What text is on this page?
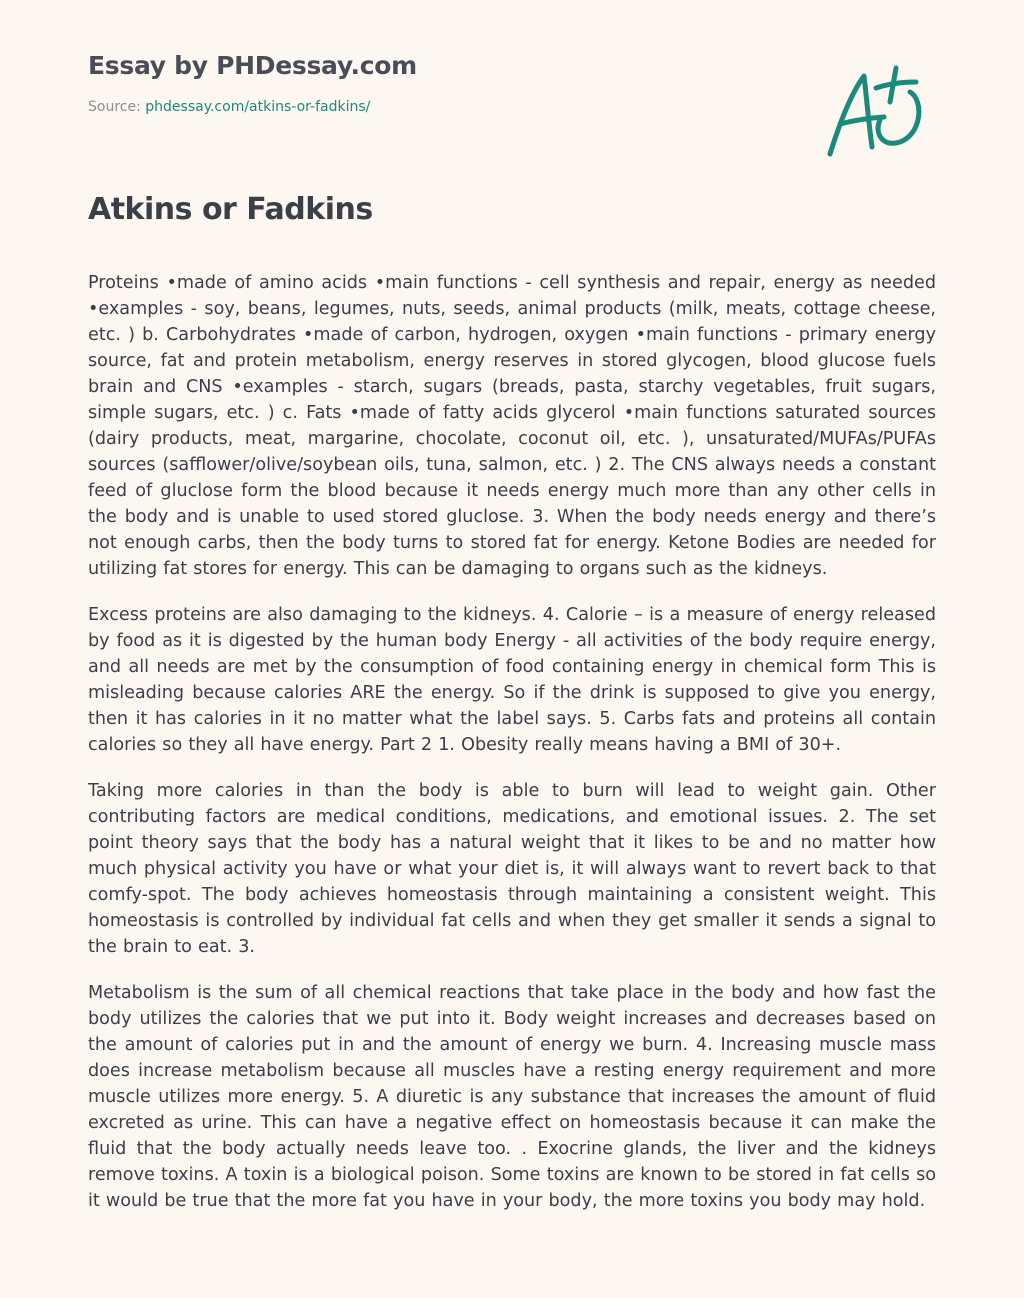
Essay by PHDessay.com
Source: phdessay.com/atkins-or-fadkins/
Atkins or Fadkins

Proteins •made of amino acids •main functions - cell synthesis and repair, energy as needed •examples - soy, beans, legumes, nuts, seeds, animal products (milk, meats, cottage cheese, etc. ) b. Carbohydrates •made of carbon, hydrogen, oxygen •main functions - primary energy source, fat and protein metabolism, energy reserves in stored glycogen, blood glucose fuels brain and CNS •examples - starch, sugars (breads, pasta, starchy vegetables, fruit sugars, simple sugars, etc. ) c. Fats •made of fatty acids glycerol •main functions saturated sources (dairy products, meat, margarine, chocolate, coconut oil, etc. ), unsaturated/MUFAs/PUFAs sources (safflower/olive/soybean oils, tuna, salmon, etc. ) 2. The CNS always needs a constant feed of gluclose form the blood because it needs energy much more than any other cells in the body and is unable to used stored gluclose. 3. When the body needs energy and there’s not enough carbs, then the body turns to stored fat for energy. Ketone Bodies are needed for utilizing fat stores for energy. This can be damaging to organs such as the kidneys.

Excess proteins are also damaging to the kidneys. 4. Calorie – is a measure of energy released by food as it is digested by the human body Energy - all activities of the body require energy, and all needs are met by the consumption of food containing energy in chemical form This is misleading because calories ARE the energy. So if the drink is supposed to give you energy, then it has calories in it no matter what the label says. 5. Carbs fats and proteins all contain calories so they all have energy. Part 2 1. Obesity really means having a BMI of 30+.

Taking more calories in than the body is able to burn will lead to weight gain. Other contributing factors are medical conditions, medications, and emotional issues. 2. The set point theory says that the body has a natural weight that it likes to be and no matter how much physical activity you have or what your diet is, it will always want to revert back to that comfy-spot. The body achieves homeostasis through maintaining a consistent weight. This homeostasis is controlled by individual fat cells and when they get smaller it sends a signal to the brain to eat. 3.

Metabolism is the sum of all chemical reactions that take place in the body and how fast the body utilizes the calories that we put into it. Body weight increases and decreases based on the amount of calories put in and the amount of energy we burn. 4. Increasing muscle mass does increase metabolism because all muscles have a resting energy requirement and more muscle utilizes more energy. 5. A diuretic is any substance that increases the amount of fluid excreted as urine. This can have a negative effect on homeostasis because it can make the fluid that the body actually needs leave too. . Exocrine glands, the liver and the kidneys remove toxins. A toxin is a biological poison. Some toxins are known to be stored in fat cells so it would be true that the more fat you have in your body, the more toxins you body may hold.
